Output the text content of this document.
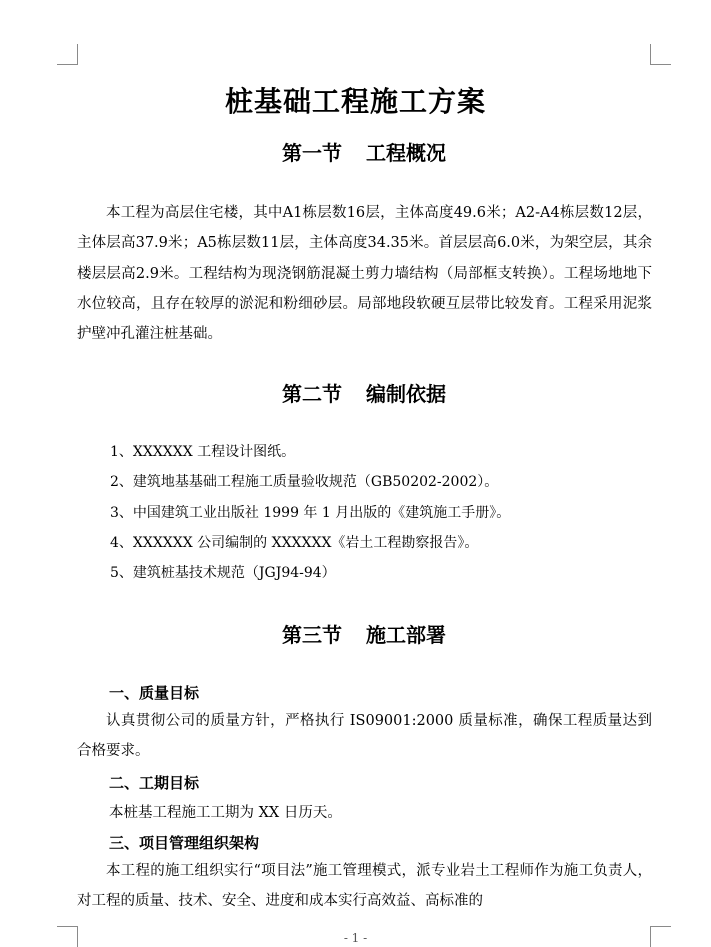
桩基础工程施工方案
第一节 工程概况

本工程为高层住宅楼，其中A1栋层数16层，主体高度49.6米；A2-A4栋层数12层，主体层高37.9米；A5栋层数11层，主体高度34.35米。首层层高6.0米，为架空层，其余楼层层高2.9米。工程结构为现浇钢筋混凝土剪力墙结构（局部框支转换）。工程场地地下水位较高，且存在较厚的淤泥和粉细砂层。局部地段软硬互层带比较发育。工程采用泥浆护壁冲孔灌注桩基础。

第二节 编制依据
1、XXXXXX 工程设计图纸。
2、建筑地基基础工程施工质量验收规范（GB50202-2002）。
3、中国建筑工业出版社 1999 年 1 月出版的《建筑施工手册》。
4、XXXXXX 公司编制的 XXXXXX《岩土工程勘察报告》。
5、建筑桩基技术规范（JGJ94-94）
第三节 施工部署
一、质量目标

认真贯彻公司的质量方针，严格执行 IS09001:2000 质量标准，确保工程质量达到合格要求。

二、工期目标
本桩基工程施工工期为 XX 日历天。
三、项目管理组织架构

本工程的施工组织实行“项目法”施工管理模式，派专业岩土工程师作为施工负责人，对工程的质量、技术、安全、进度和成本实行高效益、高标准的

- 1 -
